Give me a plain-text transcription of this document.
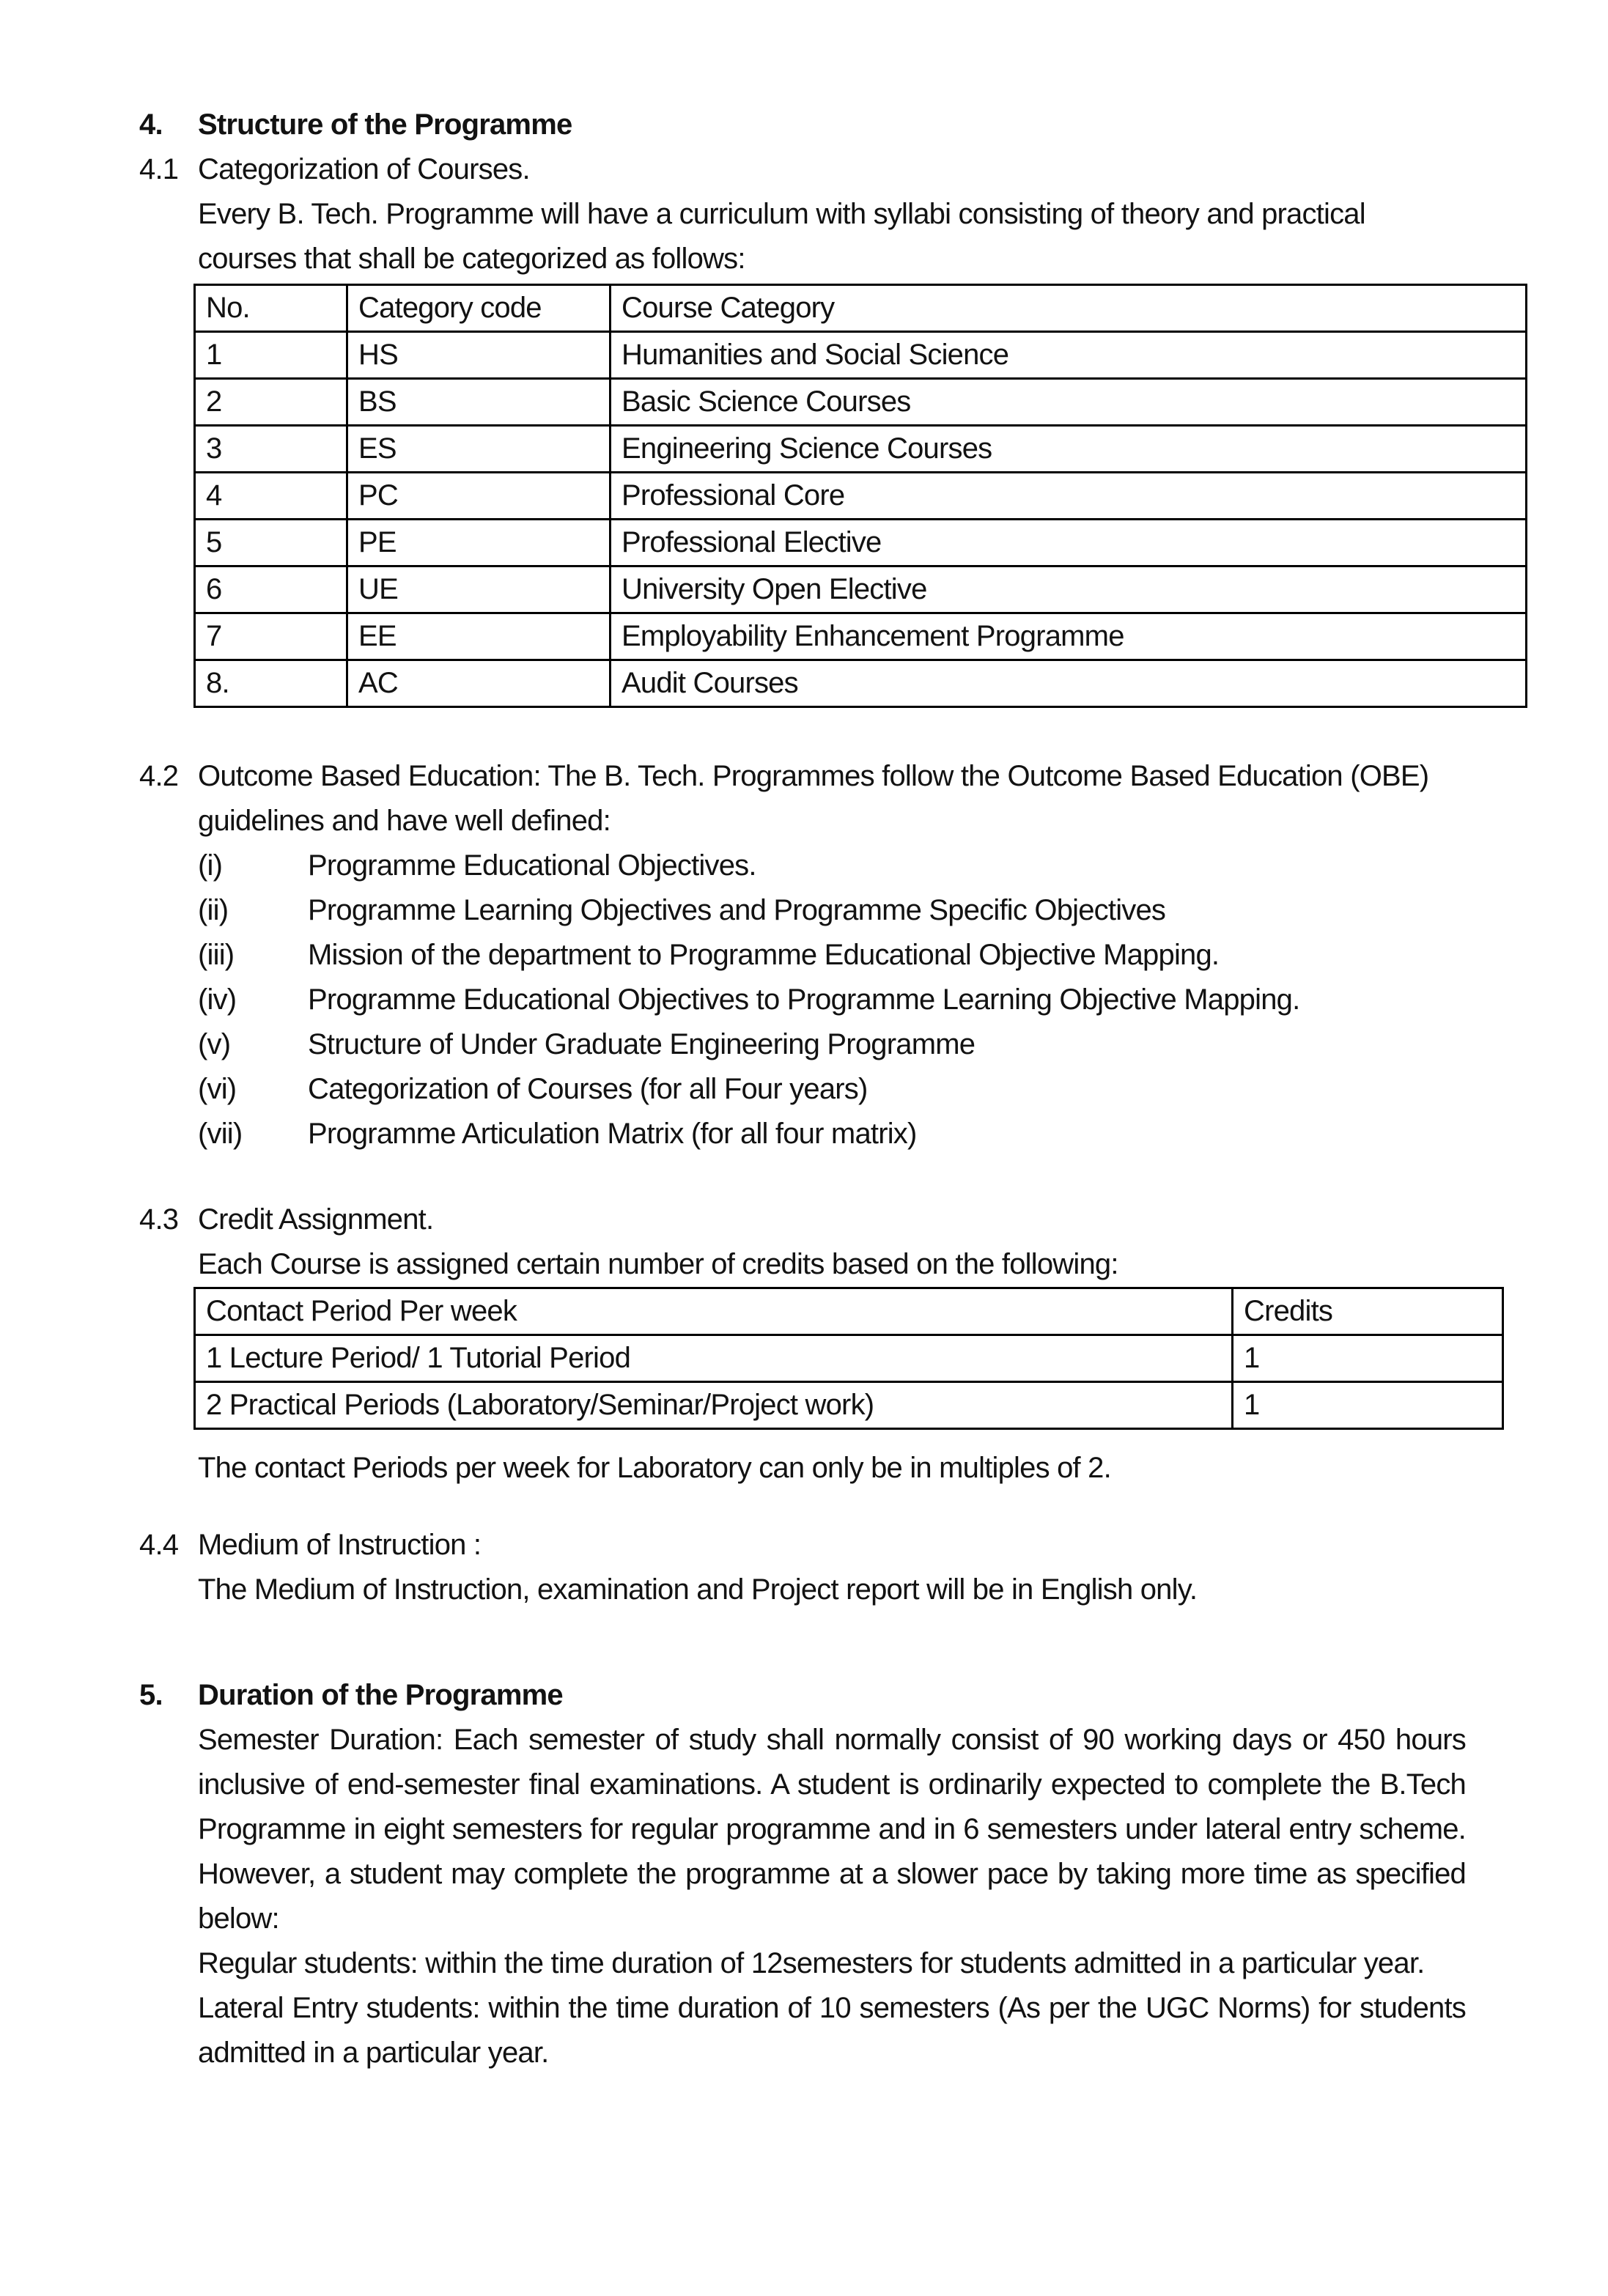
4.	Structure of the Programme
4.1 Categorization of Courses.
Every B. Tech. Programme will have a curriculum with syllabi consisting of theory and practical courses that shall be categorized as follows:
No.	Category code	Course Category
1	HS	Humanities and Social Science
2	BS	Basic Science Courses
3	ES	Engineering Science Courses
4	PC	Professional Core
5	PE	Professional Elective
6	UE	University Open Elective
7	EE	Employability Enhancement Programme
8.	AC	Audit Courses
4.2 Outcome Based Education: The B. Tech. Programmes follow the Outcome Based Education (OBE) guidelines and have well defined:
(i)	Programme Educational Objectives.
(ii)	Programme Learning Objectives and Programme Specific Objectives
(iii)	Mission of the department to Programme Educational Objective Mapping.
(iv)	Programme Educational Objectives to Programme Learning Objective Mapping.
(v)	Structure of Under Graduate Engineering Programme
(vi)	Categorization of Courses (for all Four years)
(vii)	Programme Articulation Matrix (for all four matrix)
4.3 Credit Assignment.
Each Course is assigned certain number of credits based on the following:
Contact Period Per week	Credits
1 Lecture Period/ 1 Tutorial Period	1
2 Practical Periods (Laboratory/Seminar/Project work)	1
The contact Periods per week for Laboratory can only be in multiples of 2.
4.4 Medium of Instruction :
The Medium of Instruction, examination and Project report will be in English only.
5.	Duration of the Programme
Semester Duration: Each semester of study shall normally consist of 90 working days or 450 hours inclusive of end-semester final examinations. A student is ordinarily expected to complete the B.Tech Programme in eight semesters for regular programme and in 6 semesters under lateral entry scheme. However, a student may complete the programme at a slower pace by taking more time as specified below:
Regular students: within the time duration of 12semesters for students admitted in a particular year.
Lateral Entry students: within the time duration of 10 semesters (As per the UGC Norms) for students admitted in a particular year.
